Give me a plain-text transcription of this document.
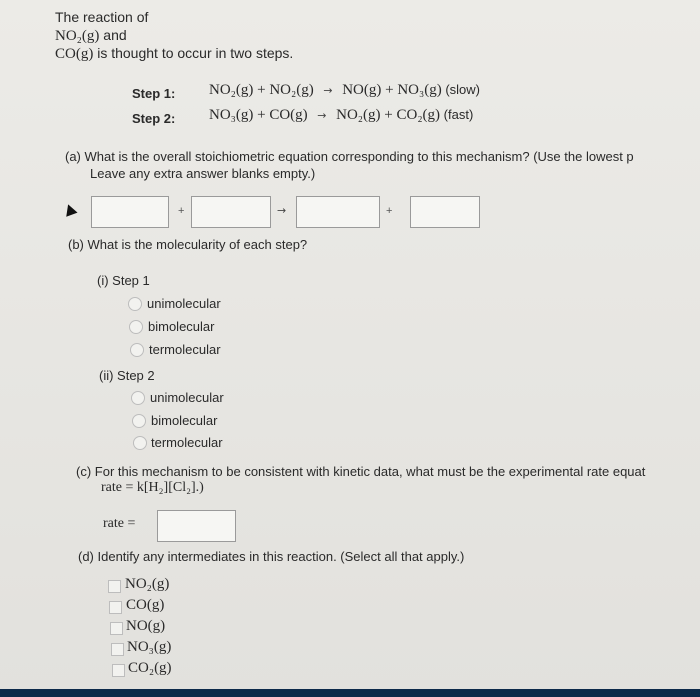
The reaction of
NO₂(g) and
CO(g) is thought to occur in two steps.
Step 1: NO₂(g) + NO₂(g) → NO(g) + NO₃(g) (slow)
Step 2: NO₃(g) + CO(g) → NO₂(g) + CO₂(g) (fast)
(a) What is the overall stoichiometric equation corresponding to this mechanism? (Use the lowest p
Leave any extra answer blanks empty.)
+	→	+
(b) What is the molecularity of each step?
(i) Step 1
unimolecular
bimolecular
termolecular
(ii) Step 2
unimolecular
bimolecular
termolecular
(c) For this mechanism to be consistent with kinetic data, what must be the experimental rate equat
rate = k[H₂][Cl₂].)
rate =
(d) Identify any intermediates in this reaction. (Select all that apply.)
NO₂(g)
CO(g)
NO(g)
NO₃(g)
CO₂(g)
